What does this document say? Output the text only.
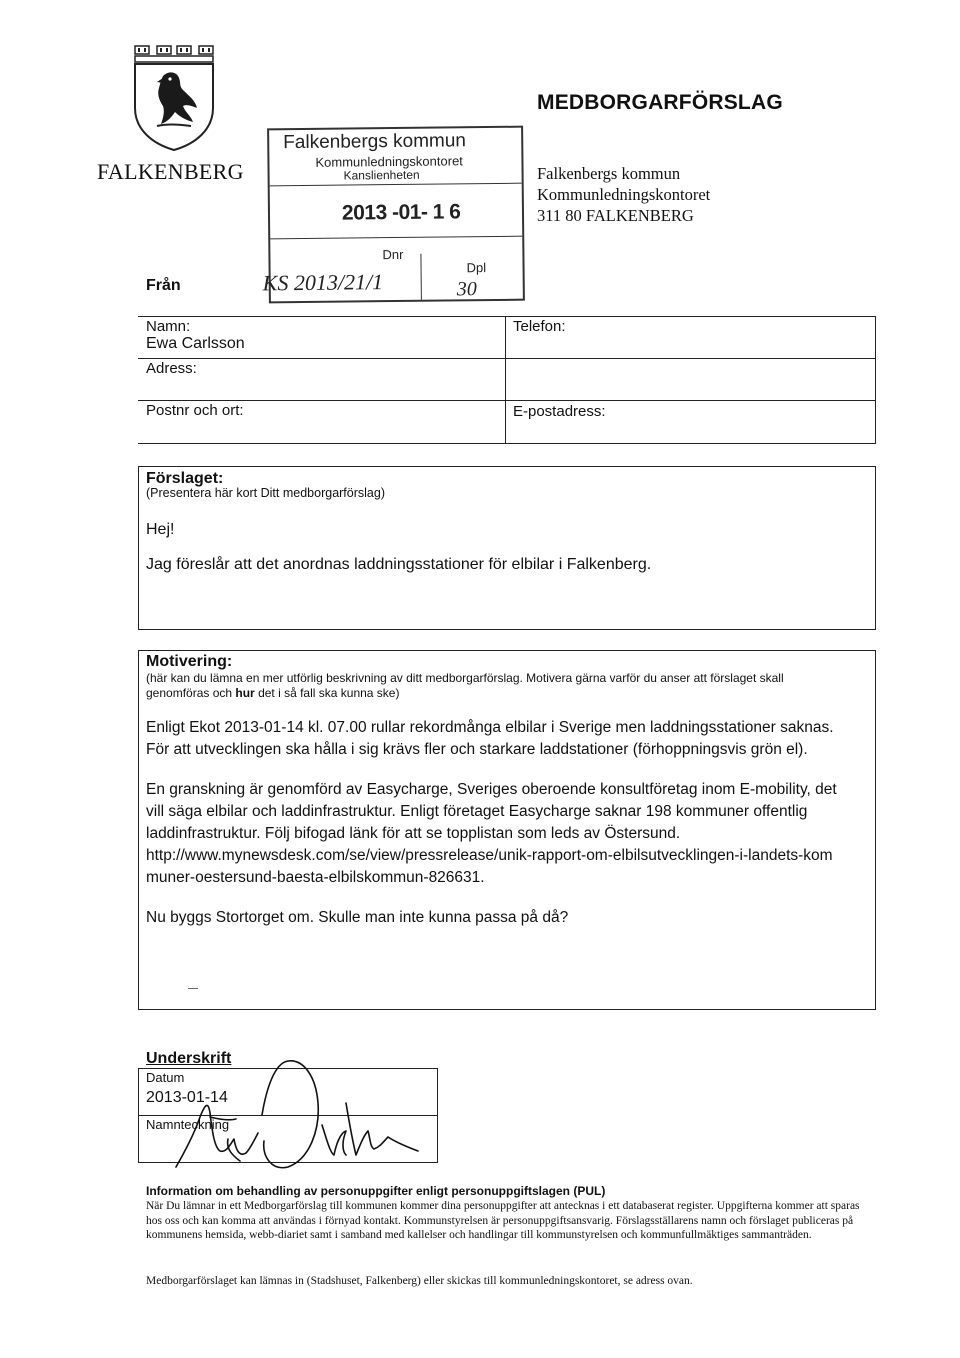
FALKENBERG
MEDBORGARFÖRSLAG
Falkenbergs kommun
Kommunledningskontoret
311 80 FALKENBERG
Falkenbergs kommun
Kommunledningskontoret
Kanslienheten
2013 -01- 1 6
Dnr
Dpl
KS 2013/21/1	30
Från
Namn:
Ewa Carlsson
Adress:
Postnr och ort:
Telefon:
E-postadress:
Förslaget:
(Presentera här kort Ditt medborgarförslag)
Hej!
Jag föreslår att det anordnas laddningsstationer för elbilar i Falkenberg.
Motivering:
(här kan du lämna en mer utförlig beskrivning av ditt medborgarförslag. Motivera gärna varför du anser att förslaget skall
genomföras och hur det i så fall ska kunna ske)
Enligt Ekot 2013-01-14 kl. 07.00 rullar rekordmånga elbilar i Sverige men laddningsstationer saknas.
För att utvecklingen ska hålla i sig krävs fler och starkare laddstationer (förhoppningsvis grön el).
En granskning är genomförd av Easycharge, Sveriges oberoende konsultföretag inom E-mobility, det
vill säga elbilar och laddinfrastruktur. Enligt företaget Easycharge saknar 198 kommuner offentlig
laddinfrastruktur. Följ bifogad länk för att se topplistan som leds av Östersund.
http://www.mynewsdesk.com/se/view/pressrelease/unik-rapport-om-elbilsutvecklingen-i-landets-kom
muner-oestersund-baesta-elbilskommun-826631.
Nu byggs Stortorget om. Skulle man inte kunna passa på då?
Underskrift
Datum
2013-01-14
Namnteckning
Information om behandling av personuppgifter enligt personuppgiftslagen (PUL)
När Du lämnar in ett Medborgarförslag till kommunen kommer dina personuppgifter att antecknas i ett databaserat register. Uppgifterna kommer att sparas hos oss och kan komma att användas i förnyad kontakt. Kommunstyrelsen är personuppgiftsansvarig. Förslagsställarens namn och förslaget publiceras på kommunens hemsida, webb-diariet samt i samband med kallelser och handlingar till kommunstyrelsen och kommunfullmäktiges sammanträden.
Medborgarförslaget kan lämnas in (Stadshuset, Falkenberg) eller skickas till kommunledningskontoret, se adress ovan.
